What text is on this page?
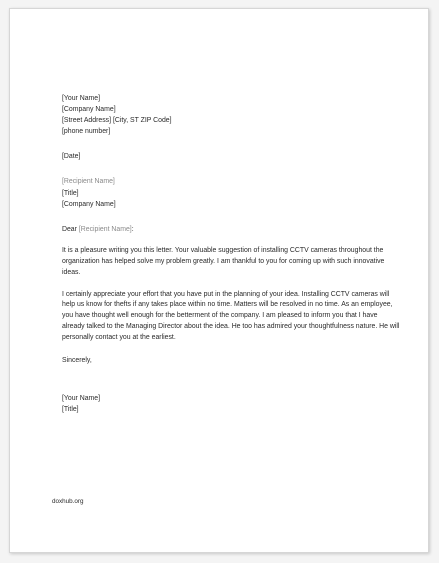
[Your Name]
[Company Name]
[Street Address] [City, ST ZIP Code]
[phone number]
[Date]
[Recipient Name]
[Title]
[Company Name]
Dear [Recipient Name]:
It is a pleasure writing you this letter. Your valuable suggestion of installing CCTV cameras throughout the organization has helped solve my problem greatly. I am thankful to you for coming up with such innovative ideas.
I certainly appreciate your effort that you have put in the planning of your idea. Installing CCTV cameras will help us know for thefts if any takes place within no time. Matters will be resolved in no time. As an employee, you have thought well enough for the betterment of the company. I am pleased to inform you that I have already talked to the Managing Director about the idea. He too has admired your thoughtfulness nature. He will personally contact you at the earliest.
Sincerely,
[Your Name]
[Title]
doxhub.org
